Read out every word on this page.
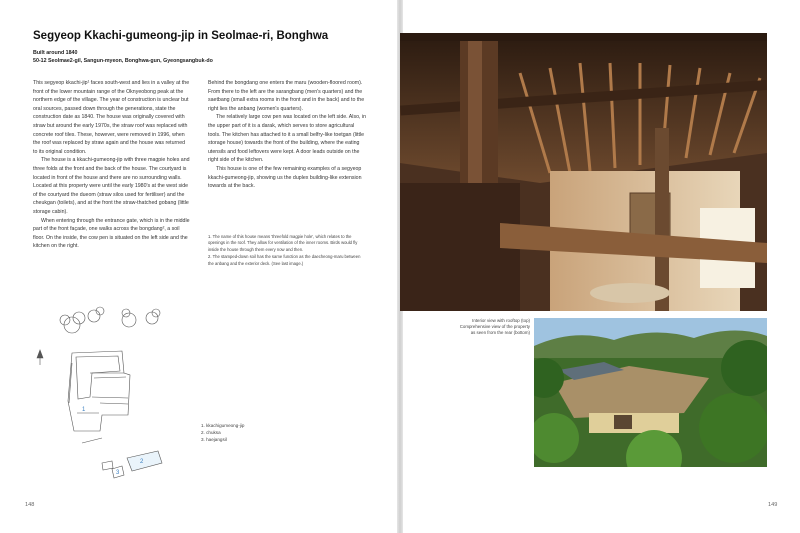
Segyeop Kkachi-gumeong-jip in Seolmae-ri, Bonghwa
Built around 1840
50-12 Seolmae2-gil, Sangun-myeon, Bonghwa-gun, Gyeongsangbuk-do

This segyeop kkachi-jip¹ faces south-west and lies in a valley at the front of the lower mountain range of the Oknyeobong peak at the northern edge of the village. The year of construction is unclear but oral sources, passed down through the generations, state the construction date as 1840. The house was originally covered with straw but around the early 1970s, the straw roof was replaced with concrete roof tiles. These, however, were removed in 1996, when the roof was replaced by straw again and the house was returned to its original condition.

The house is a kkachi-gumeong-jip with three magpie holes and three folds at the front and the back of the house. The courtyard is located in front of the house and there are no surrounding walls. Located at this property were until the early 1980's at the west side of the courtyard the dueom (straw silos used for fertiliser) and the cheukgan (toilets), and at the front the straw-thatched gobang (little storage cabin).

When entering through the entrance gate, which is in the middle part of the front façade, one walks across the bongdang², a soil floor. On the inside, the cow pen is situated on the left side and the kitchen on the right.

Behind the bongdang one enters the maru (wooden-floored room). From there to the left are the sarangbang (men's quarters) and the saetbang (small extra rooms in the front and in the back) and to the right lies the anbang (women's quarters).

The relatively large cow pen was located on the left side. Also, in the upper part of it is a darak, which serves to store agricultural tools. The kitchen has attached to it a small belfry-like toetgan (little storage house) towards the front of the building, where the eating utensils and food leftovers were kept. A door leads outside on the right side of the kitchen.

This house is one of the few remaining examples of a segyeop kkachi-gumeong-jip, showing us the duplex building-like extension towards at the back.

1. The name of this house means 'threefold magpie hole', which relates to the openings in the roof. They allow for ventilation of the inner rooms. Birds would fly inside the house through them every now and then.
2. The stamped-down soil has the same function as the daecheong-maru between the anbang and the exterior deck. (See last image.)
1
2
3
1. kkachigumeong-jip
2. chuksa
3. haejangsil
148
Interior view with rooftop (top) Comprehensive view of the property as seen from the rear (bottom)
149
